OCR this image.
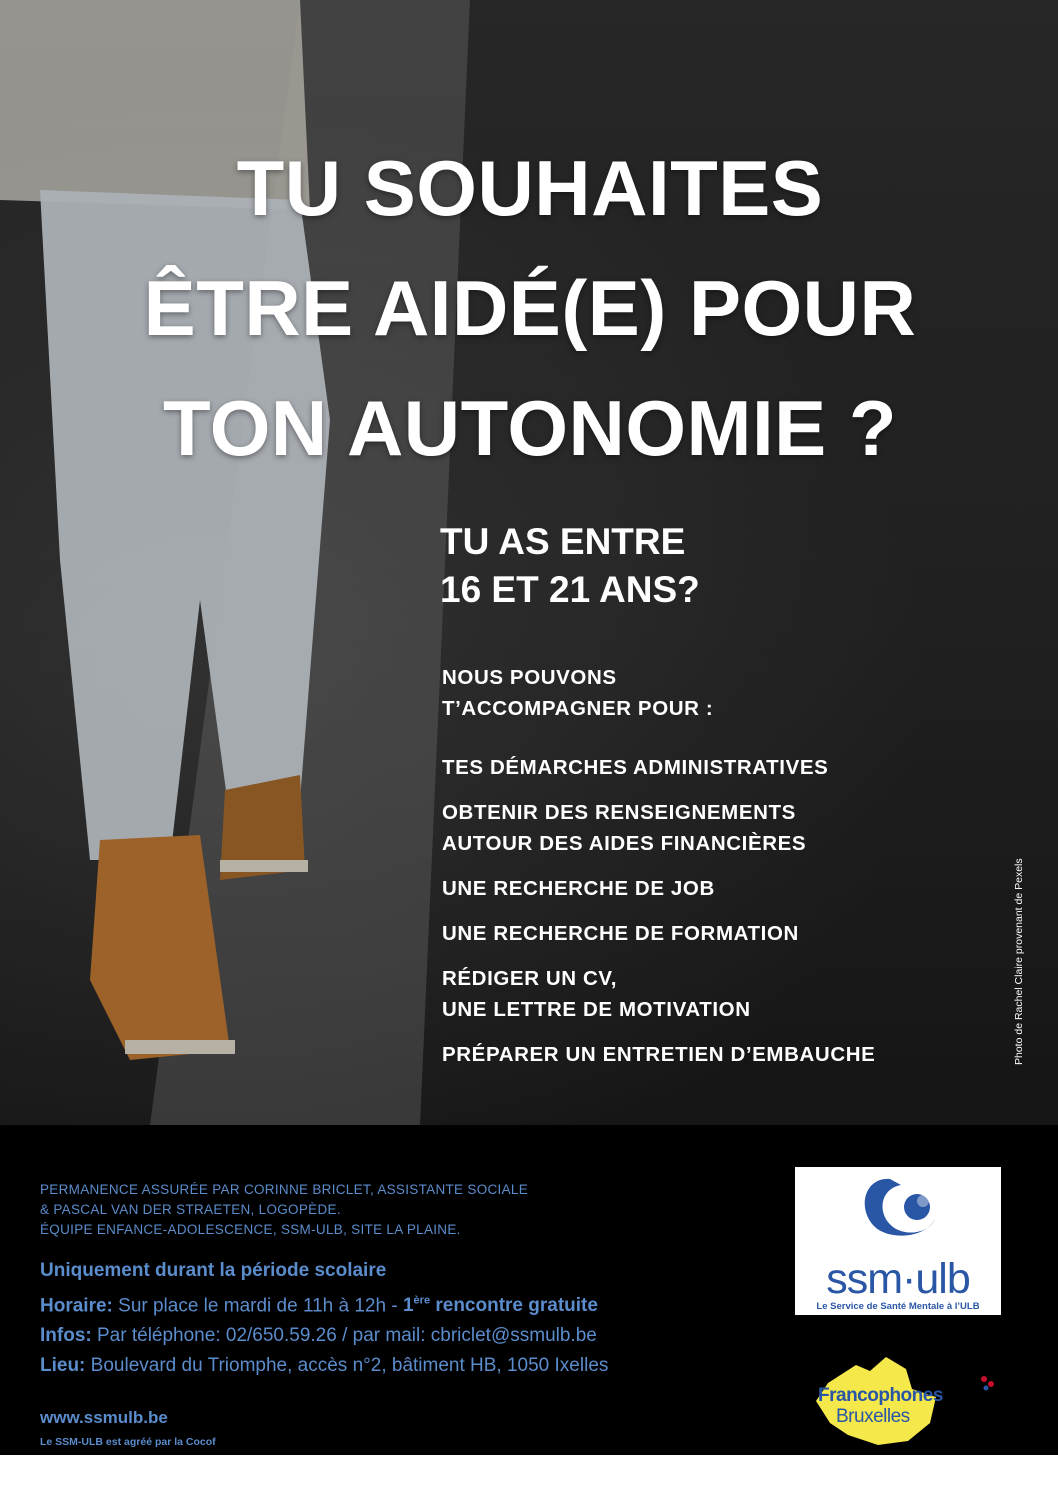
TU SOUHAITES
ÊTRE AIDÉ(E) POUR
TON AUTONOMIE ?
TU AS ENTRE
16 ET 21 ANS?
NOUS POUVONS
T’ACCOMPAGNER POUR :
TES DÉMARCHES ADMINISTRATIVES
OBTENIR DES RENSEIGNEMENTS
AUTOUR DES AIDES FINANCIÈRES
UNE RECHERCHE DE JOB
UNE RECHERCHE DE FORMATION
RÉDIGER UN CV,
UNE LETTRE DE MOTIVATION
PRÉPARER UN ENTRETIEN D’EMBAUCHE	Photo de Rachel Claire provenant de Pexels
PERMANENCE ASSURÉE PAR CORINNE BRICLET, ASSISTANTE SOCIALE
& PASCAL VAN DER STRAETEN, LOGOPÈDE.
ÉQUIPE ENFANCE-ADOLESCENCE, SSM-ULB, SITE LA PLAINE.
Uniquement durant la période scolaire
Horaire: Sur place le mardi de 11h à 12h - 1ère rencontre gratuite
Infos: Par téléphone: 02/650.59.26 / par mail: cbriclet@ssmulb.be
Lieu: Boulevard du Triomphe, accès n°2, bâtiment HB, 1050 Ixelles
www.ssmulb.be
Le SSM-ULB est agréé par la Cocof
ssm·ulb
Le Service de Santé Mentale à l’ULB
Francophones
Bruxelles
